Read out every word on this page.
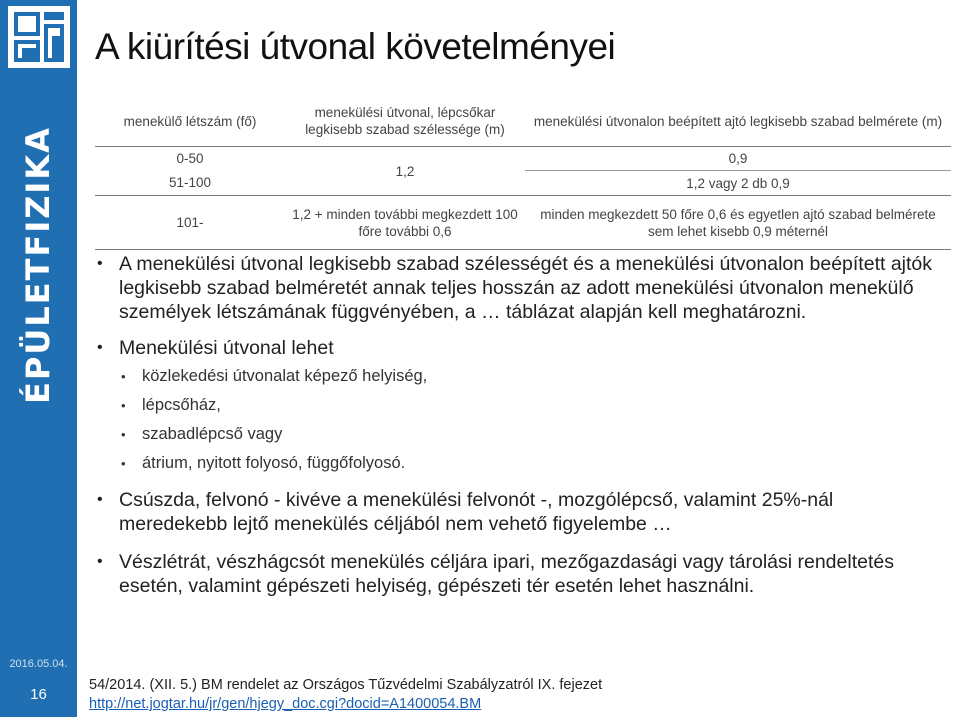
ÉPÜLETFIZIKA
2016.05.04.
16
A kiürítési útvonal követelményei
menekülő létszám (fő)	menekülési útvonal, lépcsőkar legkisebb szabad szélessége (m)	menekülési útvonalon beépített ajtó legkisebb szabad belmérete (m)
0-50	1,2	0,9
51-100		1,2 vagy 2 db 0,9
101-	1,2 + minden további megkezdett 100 főre további 0,6	minden megkezdett 50 főre 0,6 és egyetlen ajtó szabad belmérete sem lehet kisebb 0,9 méternél
• A menekülési útvonal legkisebb szabad szélességét és a menekülési útvonalon beépített ajtók legkisebb szabad belméretét annak teljes hosszán az adott menekülési útvonalon menekülő személyek létszámának függvényében, a … táblázat alapján kell meghatározni.
• Menekülési útvonal lehet
• közlekedési útvonalat képező helyiség,
• lépcsőház,
• szabadlépcső vagy
• átrium, nyitott folyosó, függőfolyosó.
• Csúszda, felvonó - kivéve a menekülési felvonót -, mozgólépcső, valamint 25%-nál meredekebb lejtő menekülés céljából nem vehető figyelembe …
• Vészlétrát, vészhágcsót menekülés céljára ipari, mezőgazdasági vagy tárolási rendeltetés esetén, valamint gépészeti helyiség, gépészeti tér esetén lehet használni.
54/2014. (XII. 5.) BM rendelet az Országos Tűzvédelmi Szabályzatról IX. fejezet
http://net.jogtar.hu/jr/gen/hjegy_doc.cgi?docid=A1400054.BM
